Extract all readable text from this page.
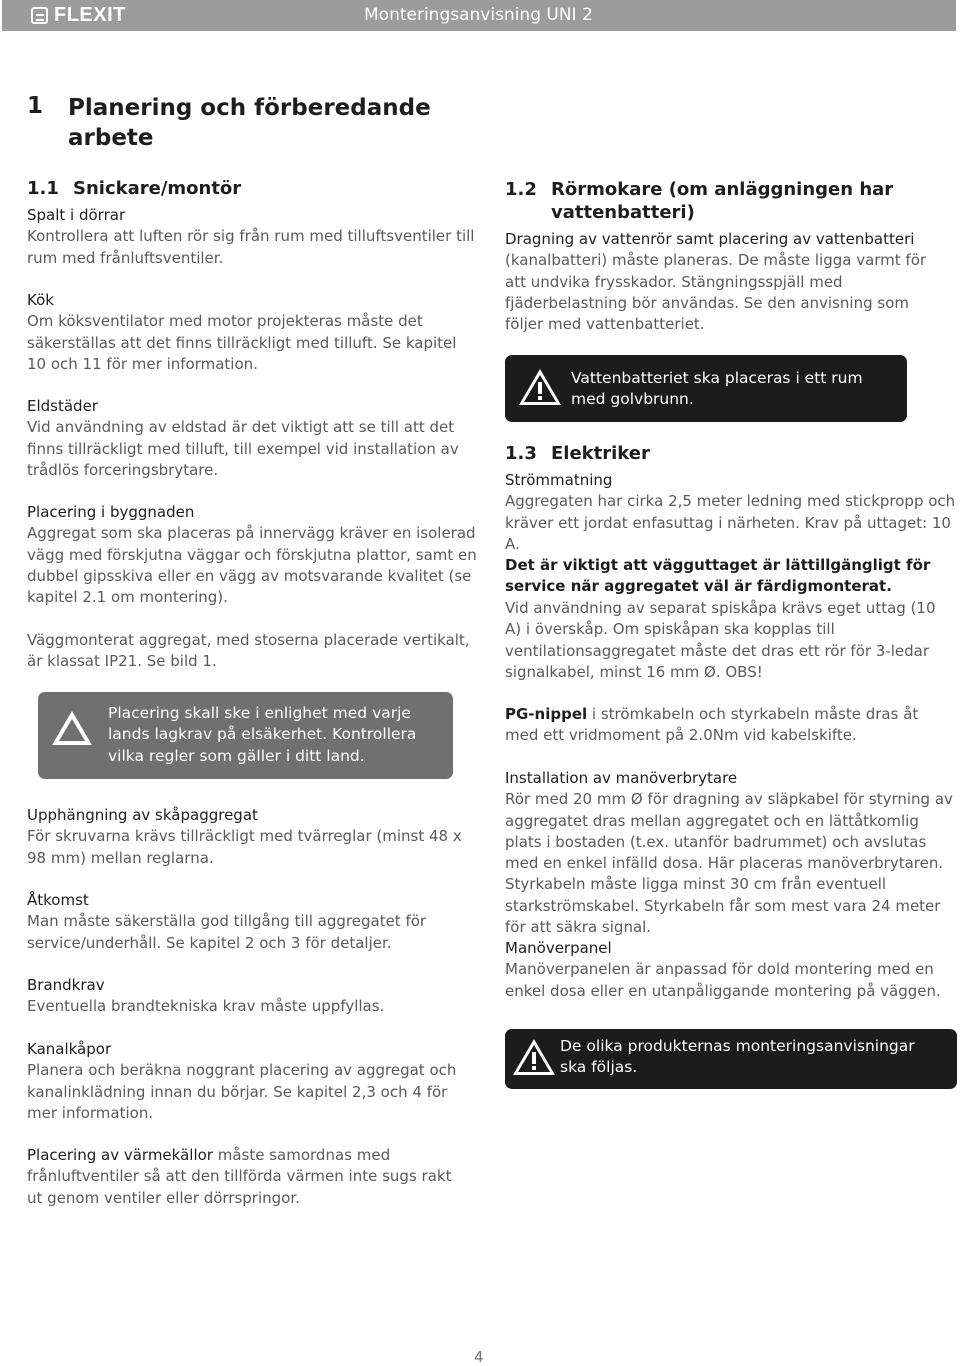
FLEXIT	Monteringsanvisning UNI 2
1 Planering och förberedande arbete
1.1 Snickare/montör
Spalt i dörrar
Kontrollera att luften rör sig från rum med tilluftsventiler till rum med frånluftsventiler.
Kök
Om köksventilator med motor projekteras måste det säkerställas att det finns tillräckligt med tilluft. Se kapitel 10 och 11 för mer information.
Eldstäder
Vid användning av eldstad är det viktigt att se till att det finns tillräckligt med tilluft, till exempel vid installation av trådlös forceringsbrytare.
Placering i byggnaden
Aggregat som ska placeras på innervägg kräver en isolerad vägg med förskjutna väggar och förskjutna plattor, samt en dubbel gipsskiva eller en vägg av motsvarande kvalitet (se kapitel 2.1 om montering).
Väggmonterat aggregat, med stoserna placerade vertikalt, är klassat IP21. Se bild 1.
Placering skall ske i enlighet med varje lands lagkrav på elsäkerhet. Kontrollera vilka regler som gäller i ditt land.
Upphängning av skåpaggregat
För skruvarna krävs tillräckligt med tvärreglar (minst 48 x 98 mm) mellan reglarna.
Åtkomst
Man måste säkerställa god tillgång till aggregatet för service/underhåll. Se kapitel 2 och 3 för detaljer.
Brandkrav
Eventuella brandtekniska krav måste uppfyllas.
Kanalkåpor
Planera och beräkna noggrant placering av aggregat och kanalinklädning innan du börjar. Se kapitel 2,3 och 4 för mer information.
Placering av värmekällor måste samordnas med frånluftventiler så att den tillförda värmen inte sugs rakt ut genom ventiler eller dörrspringor.
1.2 Rörmokare (om anläggningen har vattenbatteri)
Dragning av vattenrör samt placering av vattenbatteri
(kanalbatteri) måste planeras. De måste ligga varmt för att undvika frysskador. Stängningsspjäll med fjäderbelastning bör användas. Se den anvisning som följer med vattenbatteriet.
Vattenbatteriet ska placeras i ett rum med golvbrunn.
1.3 Elektriker
Strömmatning
Aggregaten har cirka 2,5 meter ledning med stickpropp och kräver ett jordat enfasuttag i närheten. Krav på uttaget: 10 A.
Det är viktigt att vägguttaget är lättillgängligt för service när aggregatet väl är färdigmonterat.
Vid användning av separat spiskåpa krävs eget uttag (10 A) i överskåp. Om spiskåpan ska kopplas till ventilationsaggregatet måste det dras ett rör för 3-ledar signalkabel, minst 16 mm Ø. OBS!
PG-nippel i strömkabeln och styrkabeln måste dras åt med ett vridmoment på 2.0Nm vid kabelskifte.
Installation av manöverbrytare
Rör med 20 mm Ø för dragning av släpkabel för styrning av aggregatet dras mellan aggregatet och en lättåtkomlig plats i bostaden (t.ex. utanför badrummet) och avslutas med en enkel infälld dosa. Här placeras manöverbrytaren. Styrkabeln måste ligga minst 30 cm från eventuell starkströmskabel. Styrkabeln får som mest vara 24 meter för att säkra signal.
Manöverpanel
Manöverpanelen är anpassad för dold montering med en enkel dosa eller en utanpåliggande montering på väggen.
De olika produkternas monteringsanvisningar ska följas.
4
